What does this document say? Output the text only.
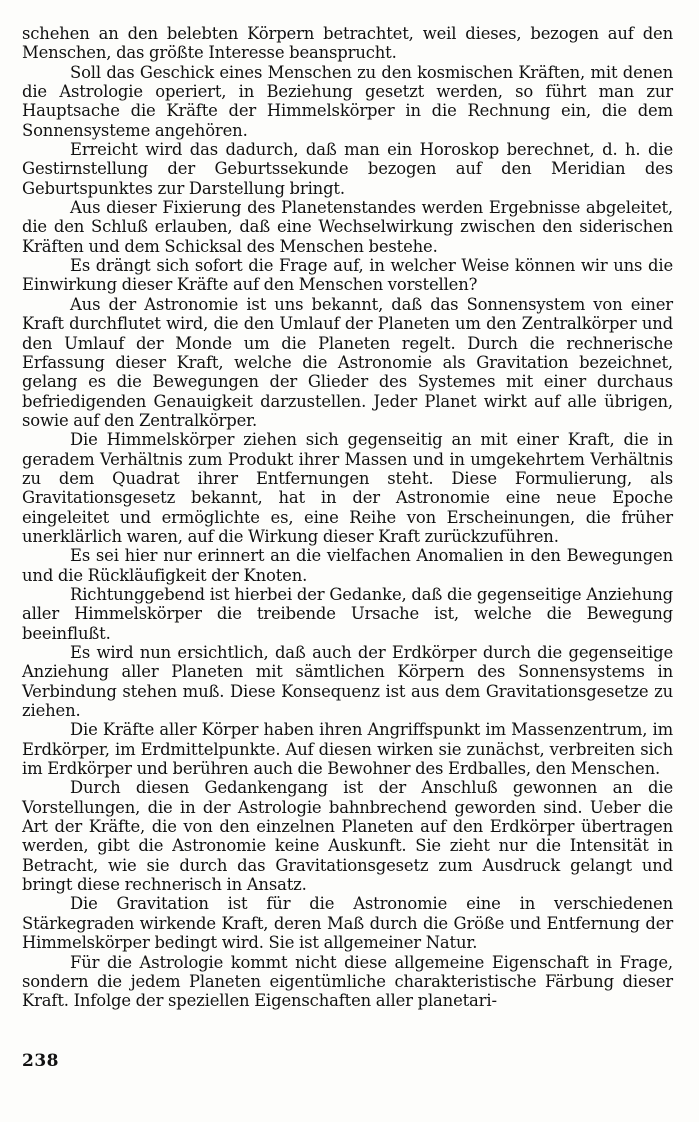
schehen an den belebten Körpern betrachtet, weil dieses, bezogen auf den Menschen, das größte Interesse beansprucht.

Soll das Geschick eines Menschen zu den kosmischen Kräften, mit denen die Astrologie operiert, in Beziehung gesetzt werden, so führt man zur Hauptsache die Kräfte der Himmelskörper in die Rechnung ein, die dem Sonnensysteme angehören.

Erreicht wird das dadurch, daß man ein Horoskop berechnet, d. h. die Gestirnstellung der Geburtssekunde bezogen auf den Meridian des Geburtspunktes zur Darstellung bringt.

Aus dieser Fixierung des Planetenstandes werden Ergebnisse abgeleitet, die den Schluß erlauben, daß eine Wechselwirkung zwischen den siderischen Kräften und dem Schicksal des Menschen bestehe.

Es drängt sich sofort die Frage auf, in welcher Weise können wir uns die Einwirkung dieser Kräfte auf den Menschen vorstellen?

Aus der Astronomie ist uns bekannt, daß das Sonnensystem von einer Kraft durchflutet wird, die den Umlauf der Planeten um den Zentralkörper und den Umlauf der Monde um die Planeten regelt. Durch die rechnerische Erfassung dieser Kraft, welche die Astronomie als Gravitation bezeichnet, gelang es die Bewegungen der Glieder des Systemes mit einer durchaus befriedigenden Genauigkeit darzustellen. Jeder Planet wirkt auf alle übrigen, sowie auf den Zentralkörper.

Die Himmelskörper ziehen sich gegenseitig an mit einer Kraft, die in geradem Verhältnis zum Produkt ihrer Massen und in umgekehrtem Verhältnis zu dem Quadrat ihrer Entfernungen steht. Diese Formulierung, als Gravitationsgesetz bekannt, hat in der Astronomie eine neue Epoche eingeleitet und ermöglichte es, eine Reihe von Erscheinungen, die früher unerklärlich waren, auf die Wirkung dieser Kraft zurückzuführen.

Es sei hier nur erinnert an die vielfachen Anomalien in den Bewegungen und die Rückläufigkeit der Knoten.

Richtunggebend ist hierbei der Gedanke, daß die gegenseitige Anziehung aller Himmelskörper die treibende Ursache ist, welche die Bewegung beeinflußt.

Es wird nun ersichtlich, daß auch der Erdkörper durch die gegenseitige Anziehung aller Planeten mit sämtlichen Körpern des Sonnensystems in Verbindung stehen muß. Diese Konsequenz ist aus dem Gravitationsgesetze zu ziehen.

Die Kräfte aller Körper haben ihren Angriffspunkt im Massenzentrum, im Erdkörper, im Erdmittelpunkte. Auf diesen wirken sie zunächst, verbreiten sich im Erdkörper und berühren auch die Bewohner des Erdballes, den Menschen.

Durch diesen Gedankengang ist der Anschluß gewonnen an die Vorstellungen, die in der Astrologie bahnbrechend geworden sind. Ueber die Art der Kräfte, die von den einzelnen Planeten auf den Erdkörper übertragen werden, gibt die Astronomie keine Auskunft. Sie zieht nur die Intensität in Betracht, wie sie durch das Gravitationsgesetz zum Ausdruck gelangt und bringt diese rechnerisch in Ansatz.

Die Gravitation ist für die Astronomie eine in verschiedenen Stärkegraden wirkende Kraft, deren Maß durch die Größe und Entfernung der Himmelskörper bedingt wird. Sie ist allgemeiner Natur.

Für die Astrologie kommt nicht diese allgemeine Eigenschaft in Frage, sondern die jedem Planeten eigentümliche charakteristische Färbung dieser Kraft. Infolge der speziellen Eigenschaften aller planetari-

238
